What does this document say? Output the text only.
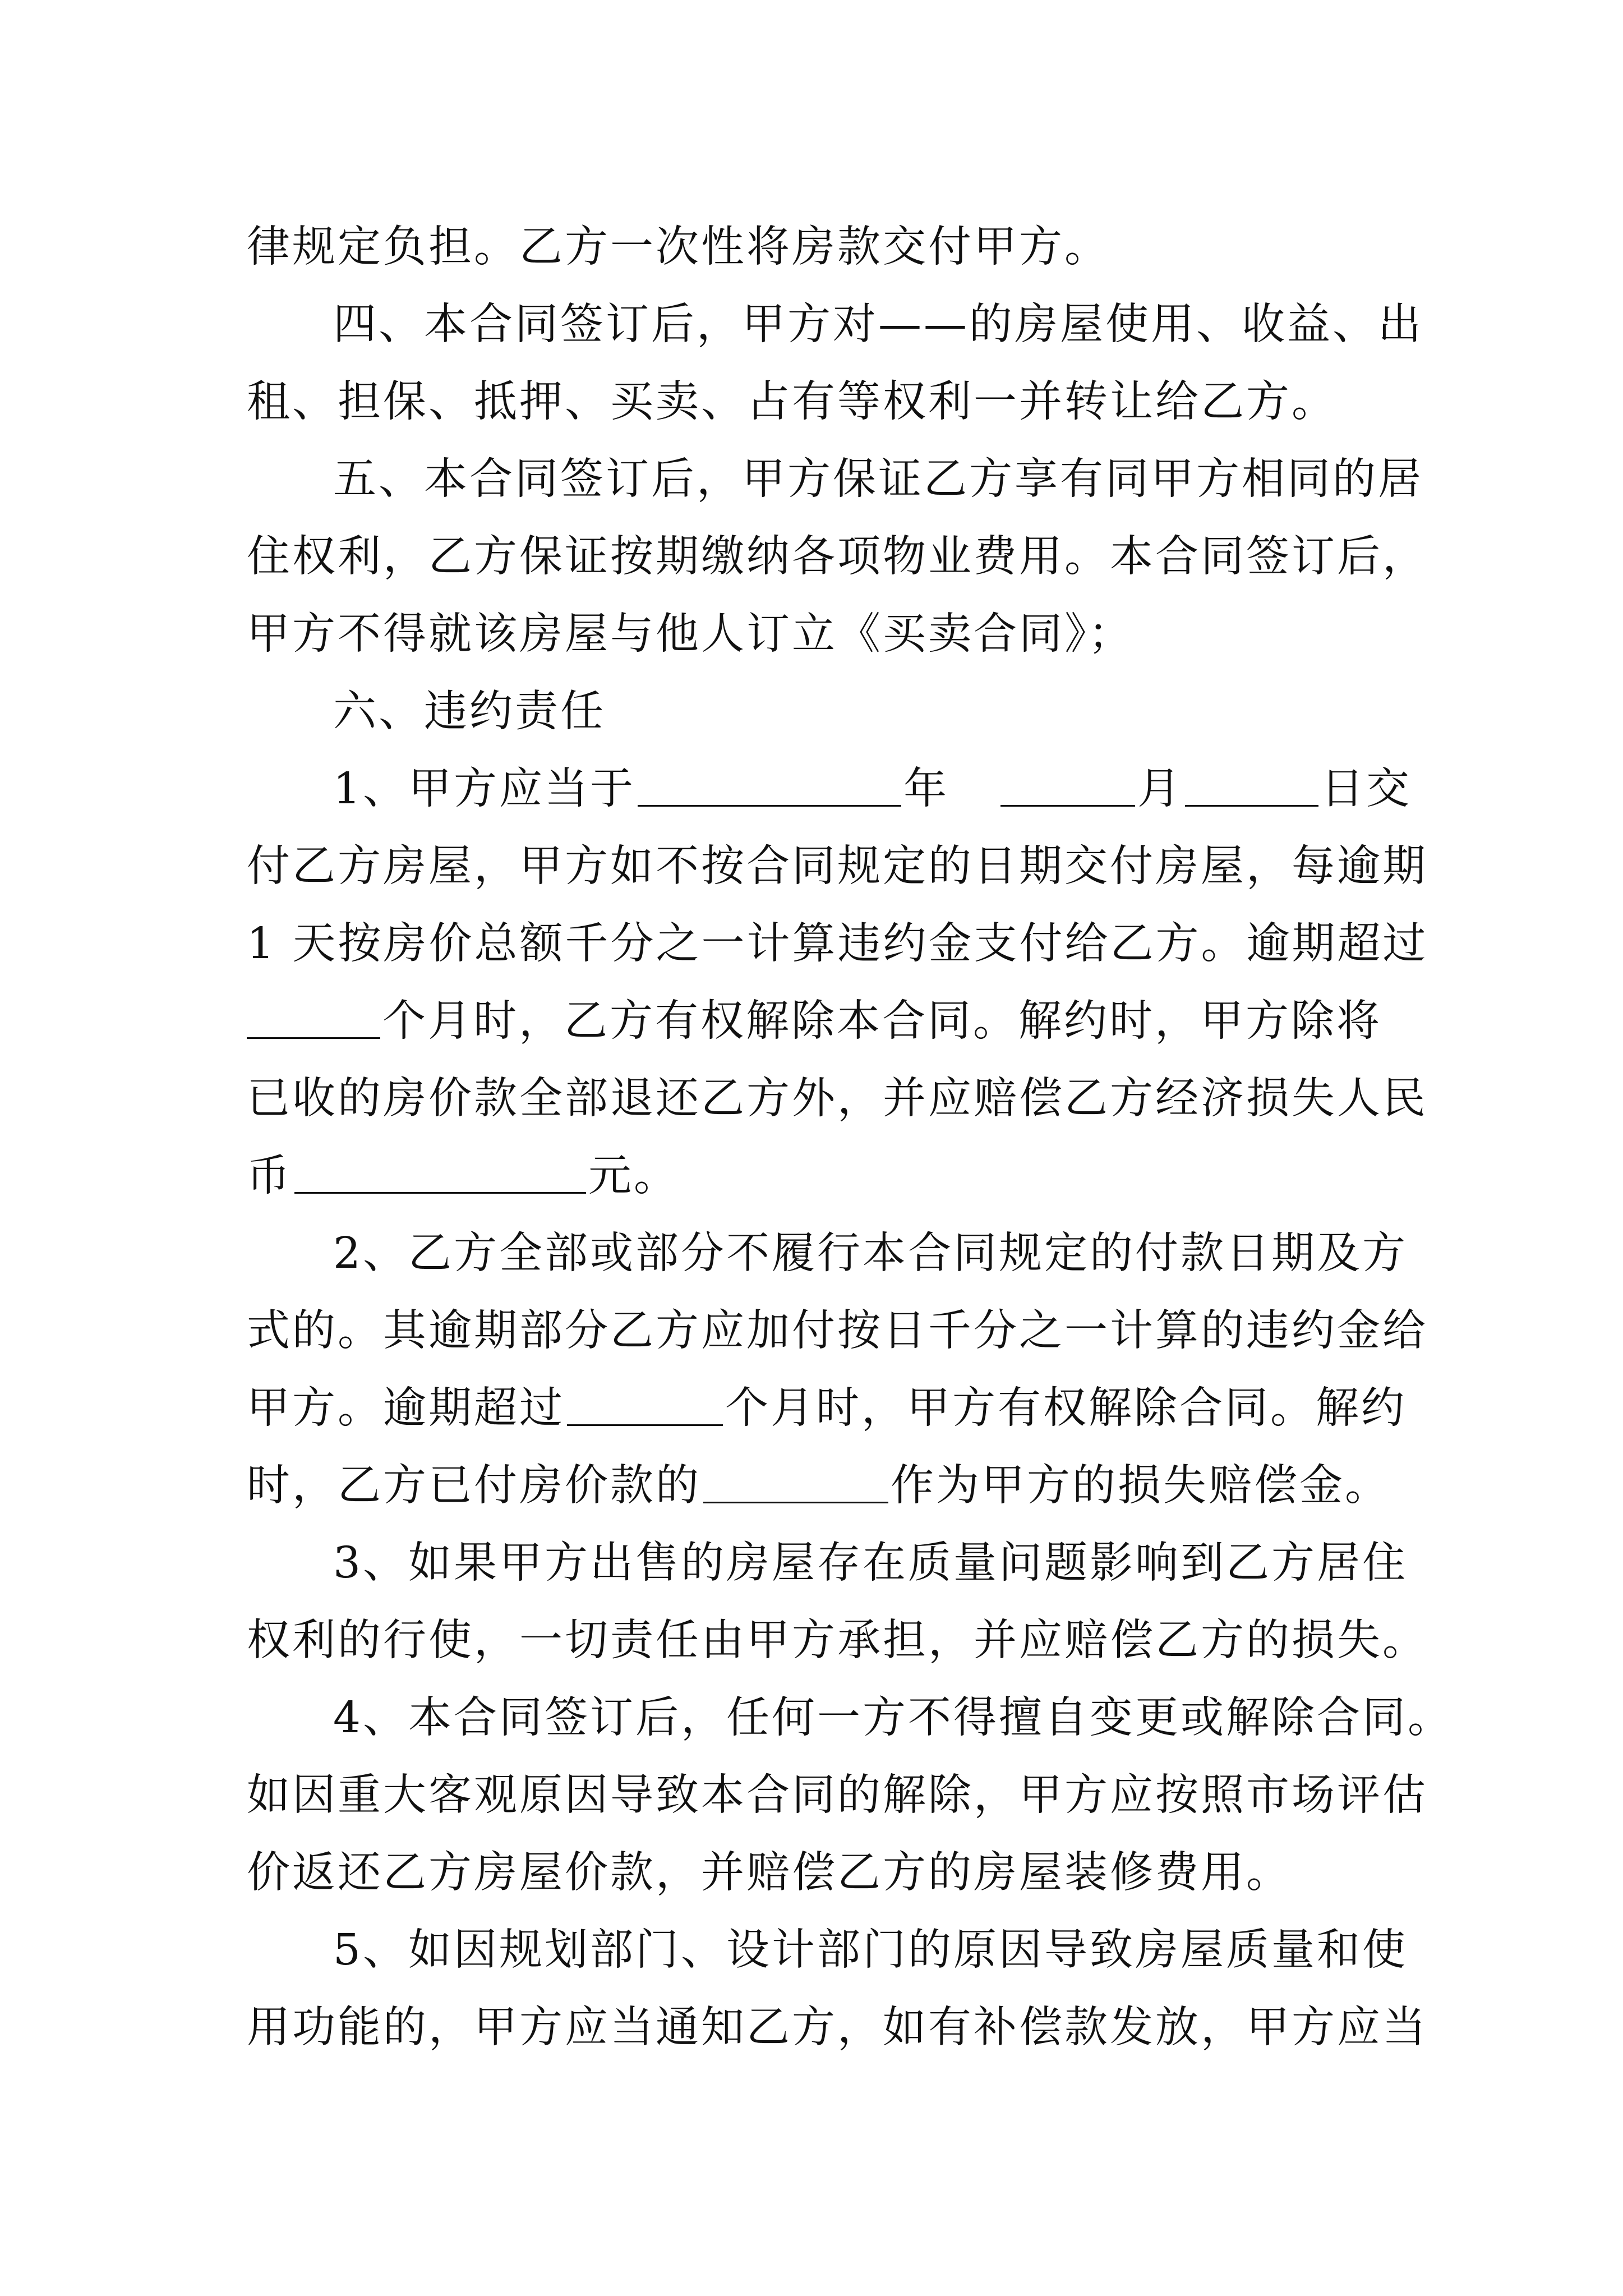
律规定负担。乙方一次性将房款交付甲方。
四、本合同签订后，甲方对——的房屋使用、收益、出
租、担保、抵押、买卖、占有等权利一并转让给乙方。
五、本合同签订后，甲方保证乙方享有同甲方相同的居
住权利，乙方保证按期缴纳各项物业费用。本合同签订后，
甲方不得就该房屋与他人订立《买卖合同》；
六、违约责任
1、甲方应当于	年	月	日交
付乙方房屋，甲方如不按合同规定的日期交付房屋，每逾期
1 天按房价总额千分之一计算违约金支付给乙方。逾期超过
个月时，乙方有权解除本合同。解约时，甲方除将
已收的房价款全部退还乙方外，并应赔偿乙方经济损失人民
币	元。
2、乙方全部或部分不履行本合同规定的付款日期及方
式的。其逾期部分乙方应加付按日千分之一计算的违约金给
甲方。逾期超过	个月时，甲方有权解除合同。解约
时，乙方已付房价款的	作为甲方的损失赔偿金。
3、如果甲方出售的房屋存在质量问题影响到乙方居住
权利的行使，一切责任由甲方承担，并应赔偿乙方的损失。
4、本合同签订后，任何一方不得擅自变更或解除合同。
如因重大客观原因导致本合同的解除，甲方应按照市场评估
价返还乙方房屋价款，并赔偿乙方的房屋装修费用。
5、如因规划部门、设计部门的原因导致房屋质量和使
用功能的，甲方应当通知乙方，如有补偿款发放，甲方应当
